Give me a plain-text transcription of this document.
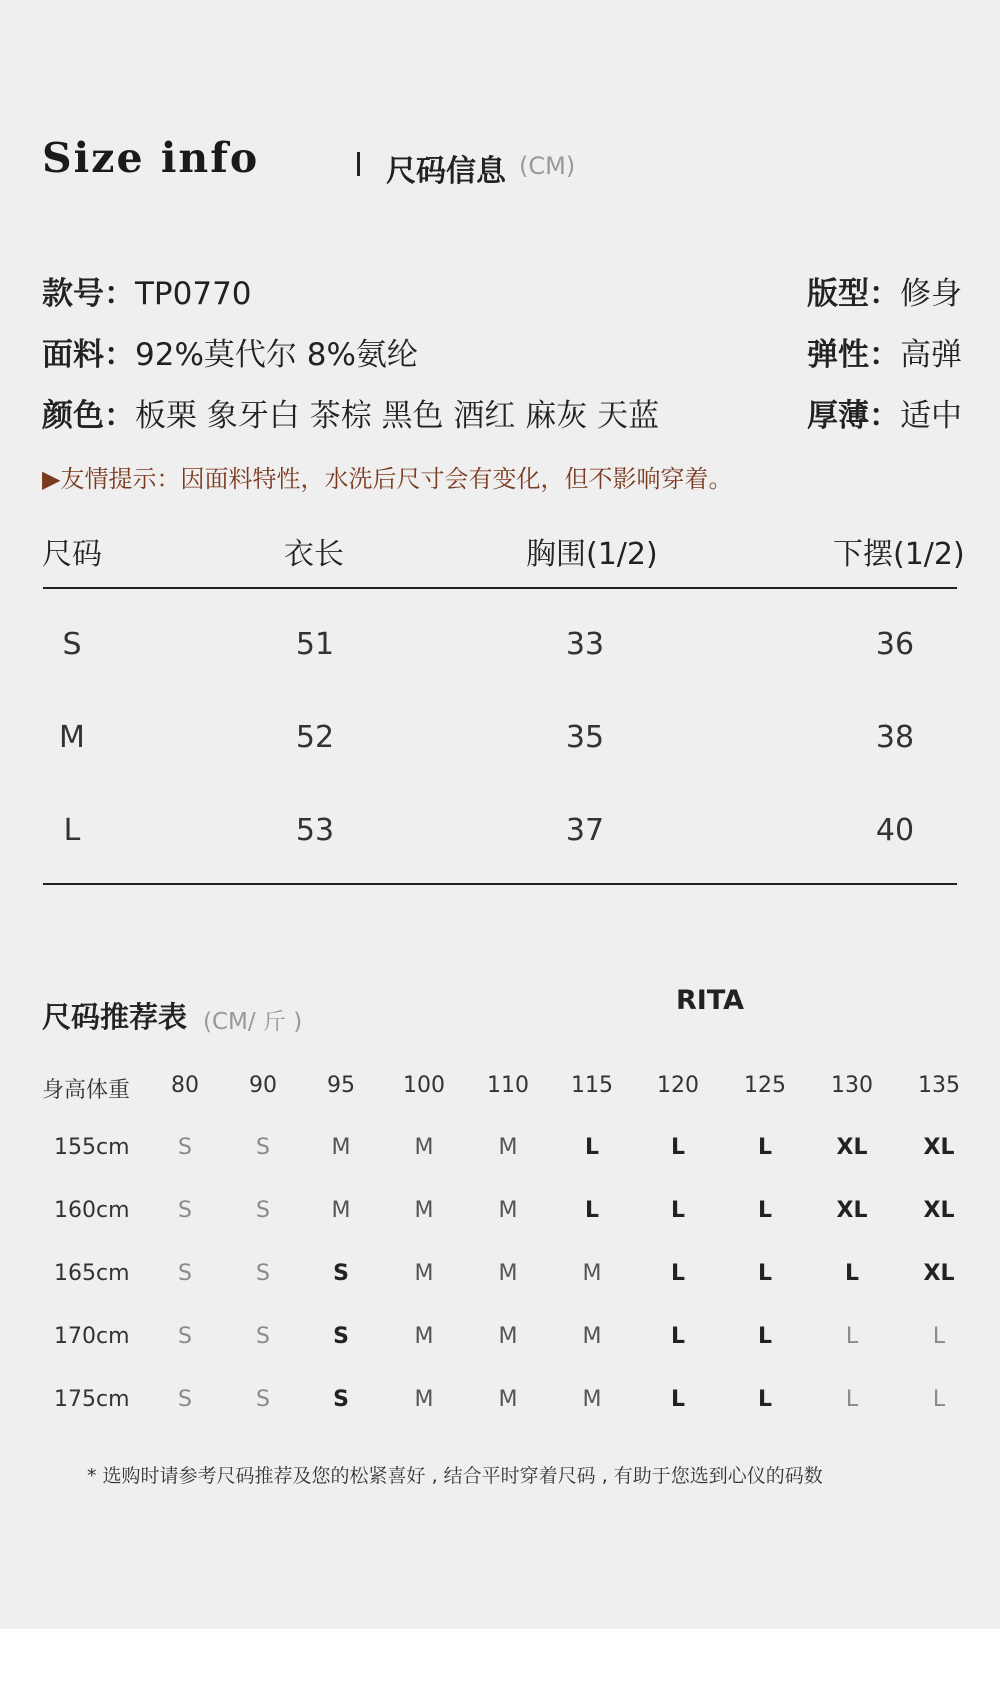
Size info	尺码信息 (CM)
款号：TP0770
面料：92%莫代尔 8%氨纶
颜色：板栗 象牙白 茶棕 黑色 酒红 麻灰 天蓝
版型：修身
弹性：高弹
厚薄：适中
▶友情提示：因面料特性，水洗后尺寸会有变化，但不影响穿着。
尺码	衣长	胸围(1/2)	下摆(1/2)
S	51	33	36
M	52	35	38
L	53	37	40
尺码推荐表 (CM/ 斤 )
RITA
身高体重	80	90	95	100	110	115	120	125	130	135
155cm	S	S	M	M	M	L	L	L	XL	XL
160cm	S	S	M	M	M	L	L	L	XL	XL
165cm	S	S	S	M	M	M	L	L	L	XL
170cm	S	S	S	M	M	M	L	L	L	L
175cm	S	S	S	M	M	M	L	L	L	L
* 选购时请参考尺码推荐及您的松紧喜好 , 结合平时穿着尺码 , 有助于您选到心仪的码数
